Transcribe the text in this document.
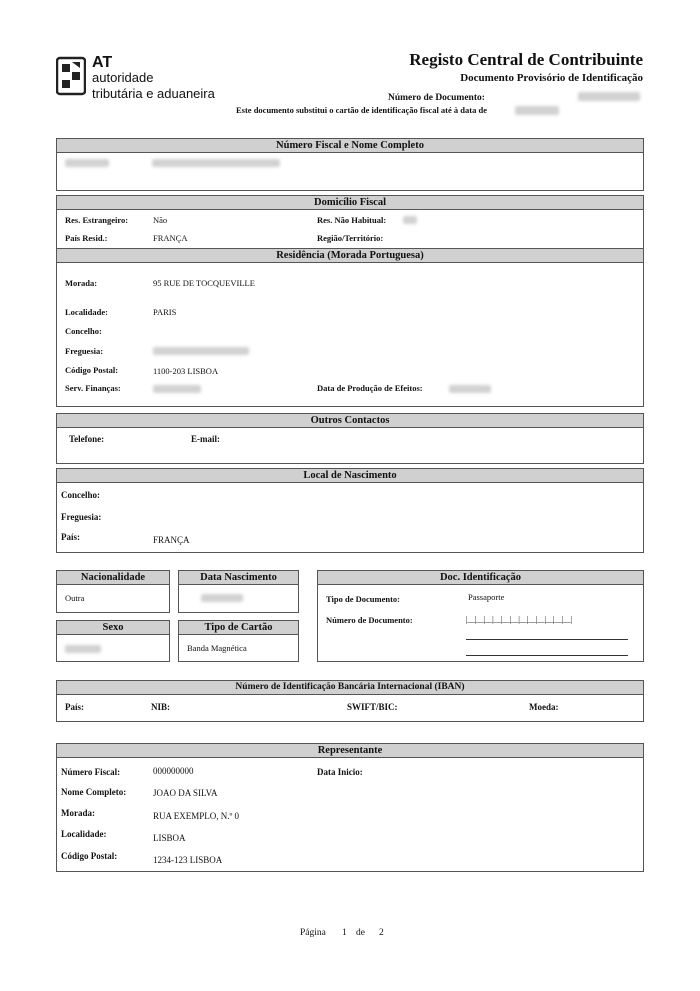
AT
autoridade
tributária e aduaneira
Registo Central de Contribuinte
Documento Provisório de Identificação
Número de Documento:
Este documento substitui o cartão de identificação fiscal até à data de
Número Fiscal e Nome Completo
Domicílio Fiscal
Res. Estrangeiro:	Não	Res. Não Habitual:
País Resid.:	FRANÇA	Região/Território:
Residência (Morada Portuguesa)
Morada:	95 RUE DE TOCQUEVILLE
Localidade:	PARIS
Concelho:
Freguesia:
Código Postal:	1100-203 LISBOA
Serv. Finanças:	Data de Produção de Efeitos:
Outros Contactos
Telefone:	E-mail:
Local de Nascimento
Concelho:
Freguesia:
País:	FRANÇA
Nacionalidade
Outra
Data Nascimento
Sexo	Tipo de Cartão
Banda Magnética
Doc. Identificação
Tipo de Documento:	Passaporte
Número de Documento:	|__|__|__|__|__|__|__|__|__|__|__|__|
Número de Identificação Bancária Internacional (IBAN)
País:	NIB:	SWIFT/BIC:	Moeda:
Representante
Número Fiscal:	000000000	Data Inicio:
Nome Completo:	JOAO DA SILVA
Morada:	RUA EXEMPLO, N.º 0
Localidade:	LISBOA
Código Postal:	1234-123 LISBOA
Página 1 de 2
